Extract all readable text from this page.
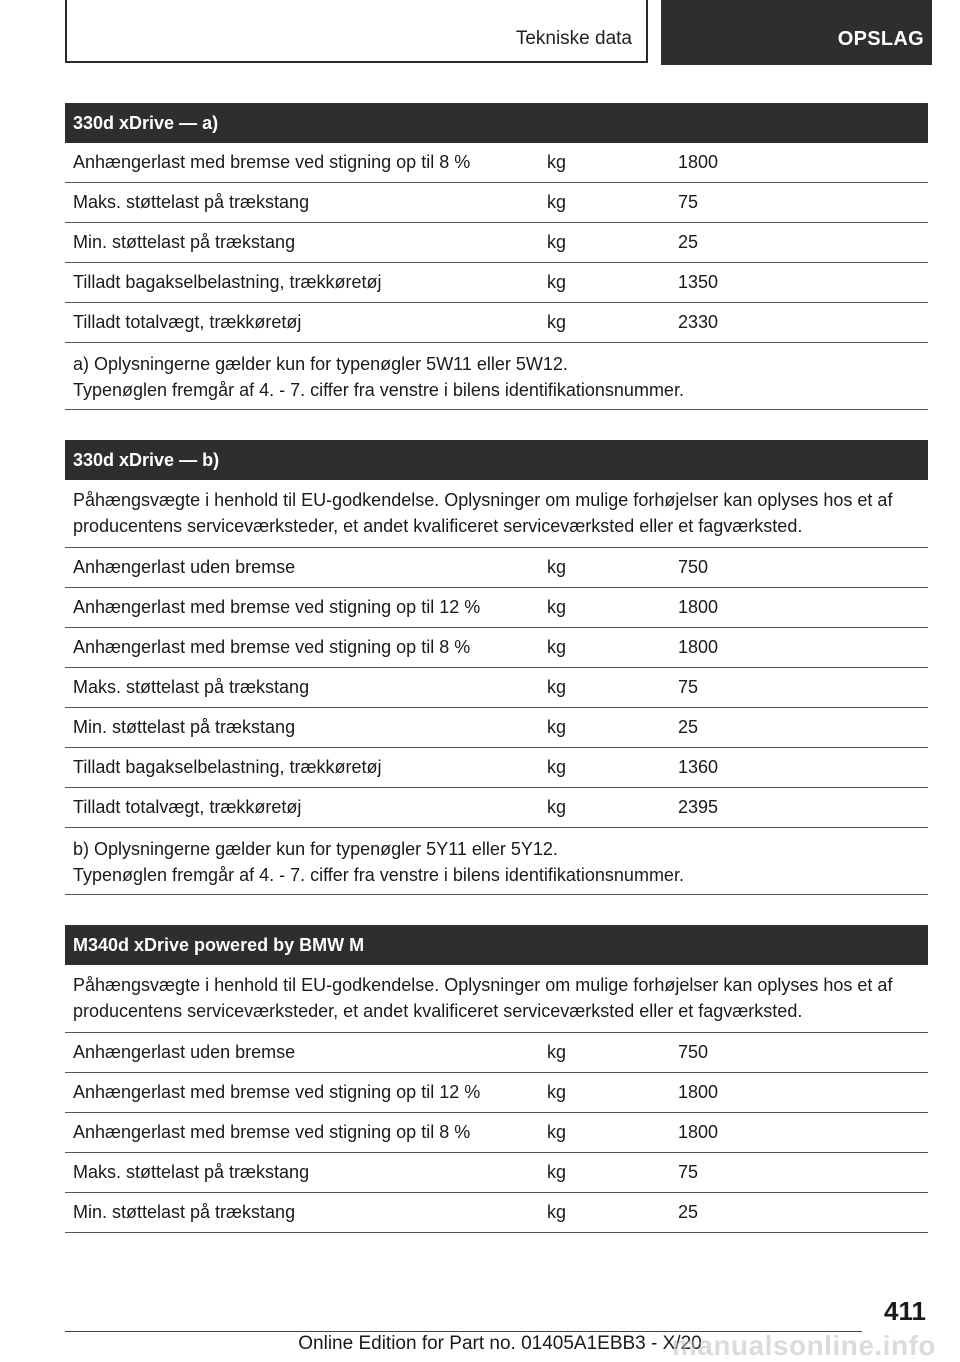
Tekniske data	OPSLAG
330d xDrive — a)
Anhængerlast med bremse ved stigning op til 8 %	kg	1800
Maks. støttelast på trækstang	kg	75
Min. støttelast på trækstang	kg	25
Tilladt bagakselbelastning, trækkøretøj	kg	1350
Tilladt totalvægt, trækkøretøj	kg	2330

a) Oplysningerne gælder kun for typenøgler 5W11 eller 5W12.

Typenøglen fremgår af 4. - 7. ciffer fra venstre i bilens identifikationsnummer.

330d xDrive — b)
Påhængsvægte i henhold til EU-godkendelse. Oplysninger om mulige forhøjelser kan oplyses hos et af producentens serviceværksteder, et andet kvalificeret serviceværksted eller et fagværksted.
Anhængerlast uden bremse	kg	750
Anhængerlast med bremse ved stigning op til 12 %	kg	1800
Anhængerlast med bremse ved stigning op til 8 %	kg	1800
Maks. støttelast på trækstang	kg	75
Min. støttelast på trækstang	kg	25
Tilladt bagakselbelastning, trækkøretøj	kg	1360
Tilladt totalvægt, trækkøretøj	kg	2395

b) Oplysningerne gælder kun for typenøgler 5Y11 eller 5Y12.

Typenøglen fremgår af 4. - 7. ciffer fra venstre i bilens identifikationsnummer.

M340d xDrive powered by BMW M
Påhængsvægte i henhold til EU-godkendelse. Oplysninger om mulige forhøjelser kan oplyses hos et af producentens serviceværksteder, et andet kvalificeret serviceværksted eller et fagværksted.
Anhængerlast uden bremse	kg	750
Anhængerlast med bremse ved stigning op til 12 %	kg	1800
Anhængerlast med bremse ved stigning op til 8 %	kg	1800
Maks. støttelast på trækstang	kg	75
Min. støttelast på trækstang	kg	25
411
Online Edition for Part no. 01405A1EBB3 - X/20
manualsonline.info
